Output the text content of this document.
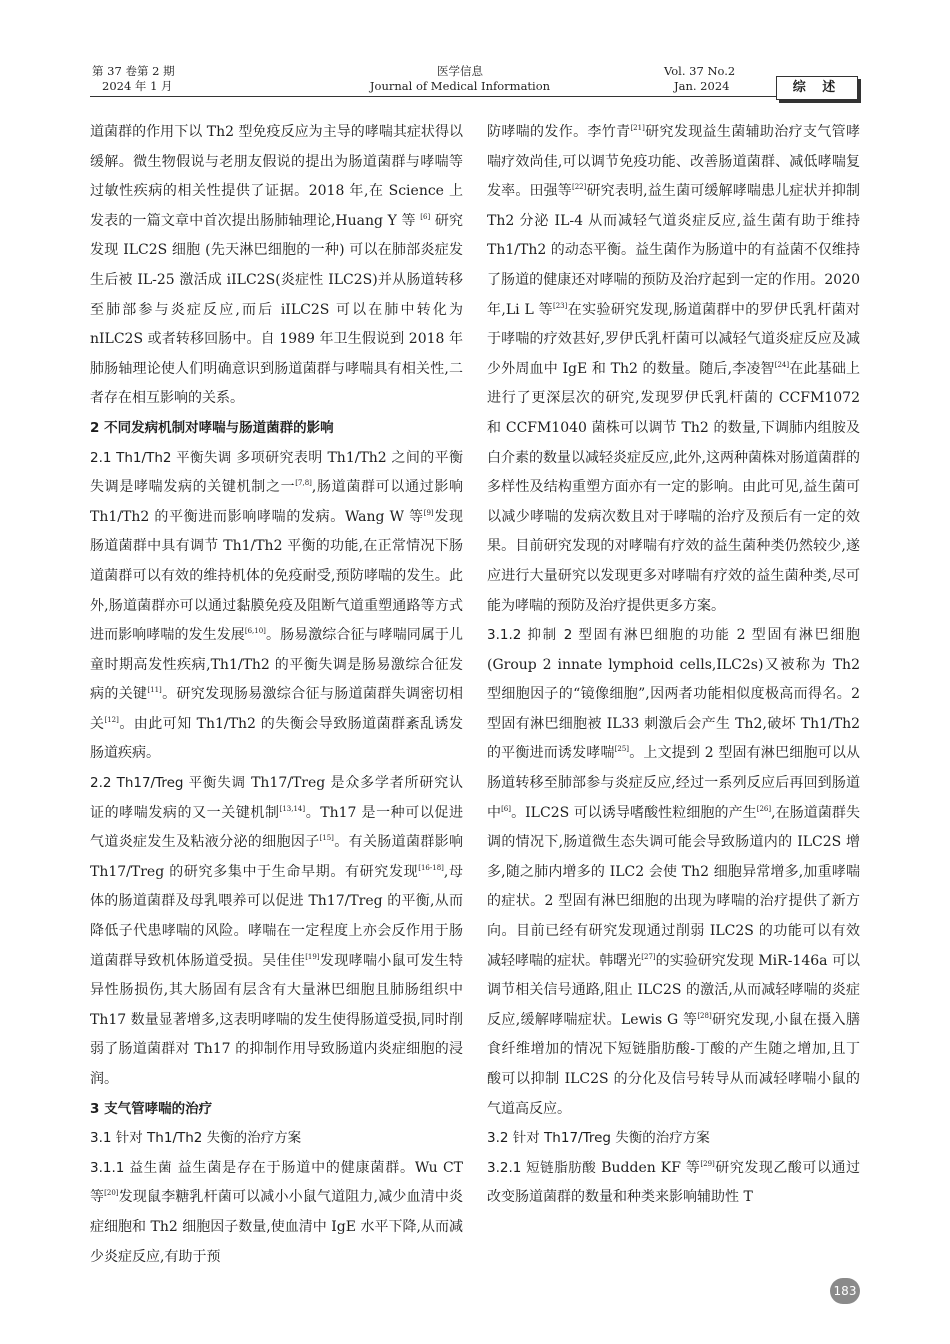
第 37 卷第 2 期
2024 年 1 月
医学信息
Journal of Medical Information
Vol. 37 No.2
Jan. 2024	综 述

道菌群的作用下以 Th2 型免疫反应为主导的哮喘其症状得以缓解。微生物假说与老朋友假说的提出为肠道菌群与哮喘等过敏性疾病的相关性提供了证据。2018 年,在 Science 上发表的一篇文章中首次提出肠肺轴理论,Huang Y 等 [6] 研究发现 ILC2S 细胞 (先天淋巴细胞的一种) 可以在肺部炎症发生后被 IL-25 激活成 iILC2S(炎症性 ILC2S)并从肠道转移至肺部参与炎症反应,而后 iILC2S 可以在肺中转化为 nILC2S 或者转移回肠中。自 1989 年卫生假说到 2018 年肺肠轴理论使人们明确意识到肠道菌群与哮喘具有相关性,二者存在相互影响的关系。

2 不同发病机制对哮喘与肠道菌群的影响

2.1 Th1/Th2 平衡失调 多项研究表明 Th1/Th2 之间的平衡失调是哮喘发病的关键机制之一[7,8],肠道菌群可以通过影响 Th1/Th2 的平衡进而影响哮喘的发病。Wang W 等[9]发现肠道菌群中具有调节 Th1/Th2 平衡的功能,在正常情况下肠道菌群可以有效的维持机体的免疫耐受,预防哮喘的发生。此外,肠道菌群亦可以通过黏膜免疫及阻断气道重塑通路等方式进而影响哮喘的发生发展[6,10]。肠易激综合征与哮喘同属于儿童时期高发性疾病,Th1/Th2 的平衡失调是肠易激综合征发病的关键[11]。研究发现肠易激综合征与肠道菌群失调密切相关[12]。由此可知 Th1/Th2 的失衡会导致肠道菌群紊乱诱发肠道疾病。

2.2 Th17/Treg 平衡失调 Th17/Treg 是众多学者所研究认证的哮喘发病的又一关键机制[13,14]。Th17 是一种可以促进气道炎症发生及粘液分泌的细胞因子[15]。有关肠道菌群影响 Th17/Treg 的研究多集中于生命早期。有研究发现[16-18],母体的肠道菌群及母乳喂养可以促进 Th17/Treg 的平衡,从而降低子代患哮喘的风险。哮喘在一定程度上亦会反作用于肠道菌群导致机体肠道受损。吴佳佳[19]发现哮喘小鼠可发生特异性肠损伤,其大肠固有层含有大量淋巴细胞且肺肠组织中 Th17 数量显著增多,这表明哮喘的发生使得肠道受损,同时削弱了肠道菌群对 Th17 的抑制作用导致肠道内炎症细胞的浸润。

3 支气管哮喘的治疗

3.1 针对 Th1/Th2 失衡的治疗方案

3.1.1 益生菌 益生菌是存在于肠道中的健康菌群。Wu CT 等[20]发现鼠李糖乳杆菌可以减小小鼠气道阻力,减少血清中炎症细胞和 Th2 细胞因子数量,使血清中 IgE 水平下降,从而减少炎症反应,有助于预

防哮喘的发作。李竹青[21]研究发现益生菌辅助治疗支气管哮喘疗效尚佳,可以调节免疫功能、改善肠道菌群、减低哮喘复发率。田强等[22]研究表明,益生菌可缓解哮喘患儿症状并抑制 Th2 分泌 IL-4 从而减轻气道炎症反应,益生菌有助于维持 Th1/Th2 的动态平衡。益生菌作为肠道中的有益菌不仅维持了肠道的健康还对哮喘的预防及治疗起到一定的作用。2020 年,Li L 等[23]在实验研究发现,肠道菌群中的罗伊氏乳杆菌对于哮喘的疗效甚好,罗伊氏乳杆菌可以减轻气道炎症反应及减少外周血中 IgE 和 Th2 的数量。随后,李凌智[24]在此基础上进行了更深层次的研究,发现罗伊氏乳杆菌的 CCFM1072 和 CCFM1040 菌株可以调节 Th2 的数量,下调肺内组胺及白介素的数量以减轻炎症反应,此外,这两种菌株对肠道菌群的多样性及结构重塑方面亦有一定的影响。由此可见,益生菌可以减少哮喘的发病次数且对于哮喘的治疗及预后有一定的效果。目前研究发现的对哮喘有疗效的益生菌种类仍然较少,遂应进行大量研究以发现更多对哮喘有疗效的益生菌种类,尽可能为哮喘的预防及治疗提供更多方案。

3.1.2 抑制 2 型固有淋巴细胞的功能 2 型固有淋巴细胞(Group 2 innate lymphoid cells,ILC2s)又被称为 Th2 型细胞因子的“镜像细胞”,因两者功能相似度极高而得名。2 型固有淋巴细胞被 IL33 刺激后会产生 Th2,破坏 Th1/Th2 的平衡进而诱发哮喘[25]。上文提到 2 型固有淋巴细胞可以从肠道转移至肺部参与炎症反应,经过一系列反应后再回到肠道中[6]。ILC2S 可以诱导嗜酸性粒细胞的产生[26],在肠道菌群失调的情况下,肠道微生态失调可能会导致肠道内的 ILC2S 增多,随之肺内增多的 ILC2 会使 Th2 细胞异常增多,加重哮喘的症状。2 型固有淋巴细胞的出现为哮喘的治疗提供了新方向。目前已经有研究发现通过削弱 ILC2S 的功能可以有效减轻哮喘的症状。韩曙光[27]的实验研究发现 MiR-146a 可以调节相关信号通路,阻止 ILC2S 的激活,从而减轻哮喘的炎症反应,缓解哮喘症状。Lewis G 等[28]研究发现,小鼠在摄入膳食纤维增加的情况下短链脂肪酸-丁酸的产生随之增加,且丁酸可以抑制 ILC2S 的分化及信号转导从而减轻哮喘小鼠的气道高反应。

3.2 针对 Th17/Treg 失衡的治疗方案

3.2.1 短链脂肪酸 Budden KF 等[29]研究发现乙酸可以通过改变肠道菌群的数量和种类来影响辅助性 T

183
